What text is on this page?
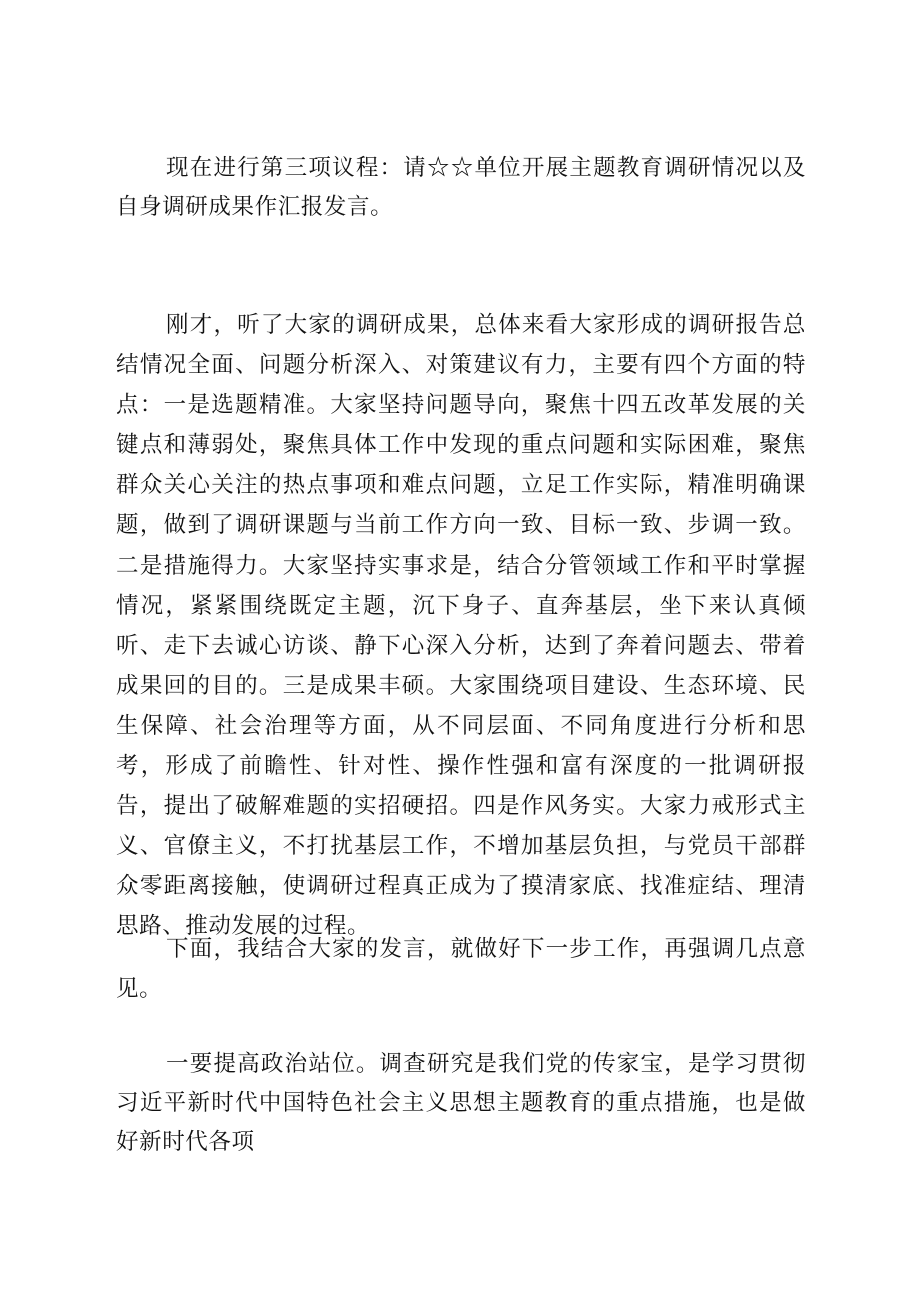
现在进行第三项议程：请☆☆单位开展主题教育调研情况以及自身调研成果作汇报发言。

刚才，听了大家的调研成果，总体来看大家形成的调研报告总结情况全面、问题分析深入、对策建议有力，主要有四个方面的特点：一是选题精准。大家坚持问题导向，聚焦十四五改革发展的关键点和薄弱处，聚焦具体工作中发现的重点问题和实际困难，聚焦群众关心关注的热点事项和难点问题，立足工作实际，精准明确课题，做到了调研课题与当前工作方向一致、目标一致、步调一致。二是措施得力。大家坚持实事求是，结合分管领域工作和平时掌握情况，紧紧围绕既定主题，沉下身子、直奔基层，坐下来认真倾听、走下去诚心访谈、静下心深入分析，达到了奔着问题去、带着成果回的目的。三是成果丰硕。大家围绕项目建设、生态环境、民生保障、社会治理等方面，从不同层面、不同角度进行分析和思考，形成了前瞻性、针对性、操作性强和富有深度的一批调研报告，提出了破解难题的实招硬招。四是作风务实。大家力戒形式主义、官僚主义，不打扰基层工作，不增加基层负担，与党员干部群众零距离接触，使调研过程真正成为了摸清家底、找准症结、理清思路、推动发展的过程。

下面，我结合大家的发言，就做好下一步工作，再强调几点意见。

一要提高政治站位。调查研究是我们党的传家宝，是学习贯彻习近平新时代中国特色社会主义思想主题教育的重点措施，也是做好新时代各项
